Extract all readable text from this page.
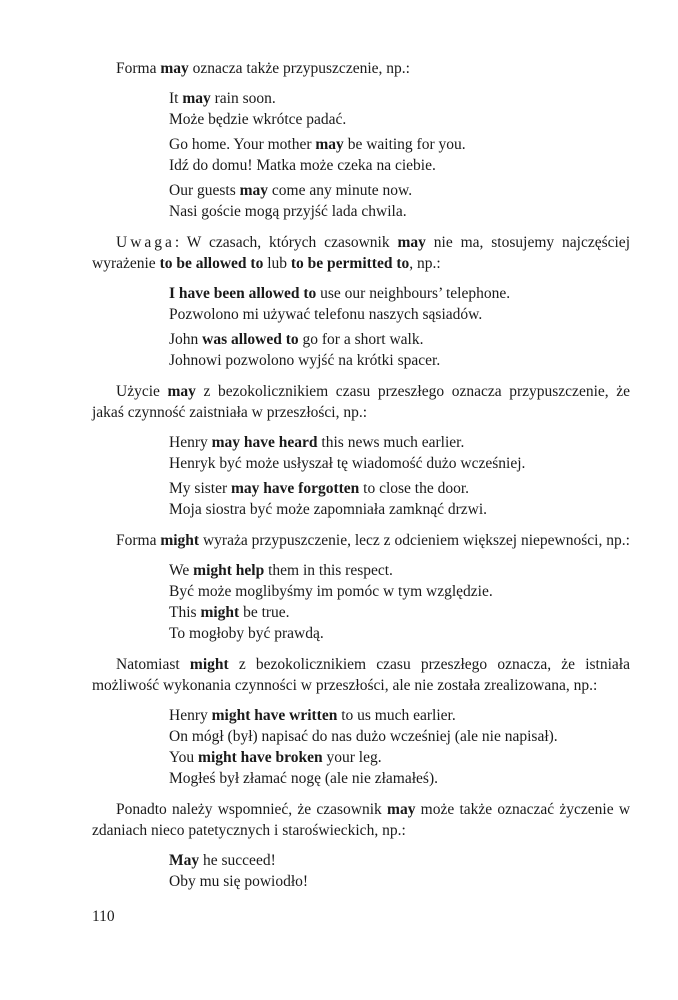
Forma may oznacza także przypuszczenie, np.:

It may rain soon.
Może będzie wkrótce padać.
Go home. Your mother may be waiting for you.
Idź do domu! Matka może czeka na ciebie.
Our guests may come any minute now.
Nasi goście mogą przyjść lada chwila.

Uwaga: W czasach, których czasownik may nie ma, stosujemy najczęściej wyrażenie to be allowed to lub to be permitted to, np.:

I have been allowed to use our neighbours’ telephone.
Pozwolono mi używać telefonu naszych sąsiadów.
John was allowed to go for a short walk.
Johnowi pozwolono wyjść na krótki spacer.

Użycie may z bezokolicznikiem czasu przeszłego oznacza przypuszczenie, że jakaś czynność zaistniała w przeszłości, np.:

Henry may have heard this news much earlier.
Henryk być może usłyszał tę wiadomość dużo wcześniej.
My sister may have forgotten to close the door.
Moja siostra być może zapomniała zamknąć drzwi.

Forma might wyraża przypuszczenie, lecz z odcieniem większej niepewności, np.:

We might help them in this respect.
Być może moglibyśmy im pomóc w tym względzie.
This might be true.
To mogłoby być prawdą.

Natomiast might z bezokolicznikiem czasu przeszłego oznacza, że istniała możliwość wykonania czynności w przeszłości, ale nie została zrealizowana, np.:

Henry might have written to us much earlier.
On mógł (był) napisać do nas dużo wcześniej (ale nie napisał).
You might have broken your leg.
Mogłeś był złamać nogę (ale nie złamałeś).

Ponadto należy wspomnieć, że czasownik may może także oznaczać życzenie w zdaniach nieco patetycznych i staroświeckich, np.:

May he succeed!
Oby mu się powiodło!
110
